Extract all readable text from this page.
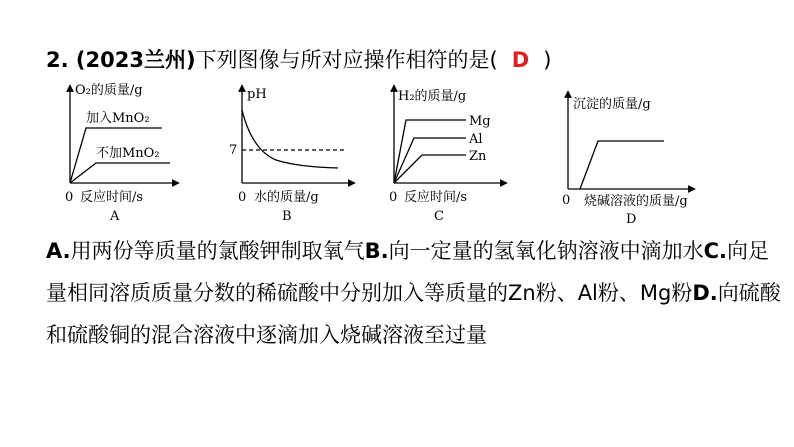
2. (2023兰州)下列图像与所对应操作相符的是( D )
O₂的质量/g
加入MnO₂
不加MnO₂
0 反应时间/s
A
pH
7
0 水的质量/g
B
H₂的质量/g
Mg
Al
Zn
0 反应时间/s
C
沉淀的质量/g
0 烧碱溶液的质量/g
D
A.用两份等质量的氯酸钾制取氧气B.向一定量的氢氧化钠溶液中滴加水C.向足量相同溶质质量分数的稀硫酸中分别加入等质量的Zn粉、Al粉、Mg粉D.向硫酸和硫酸铜的混合溶液中逐滴加入烧碱溶液至过量
